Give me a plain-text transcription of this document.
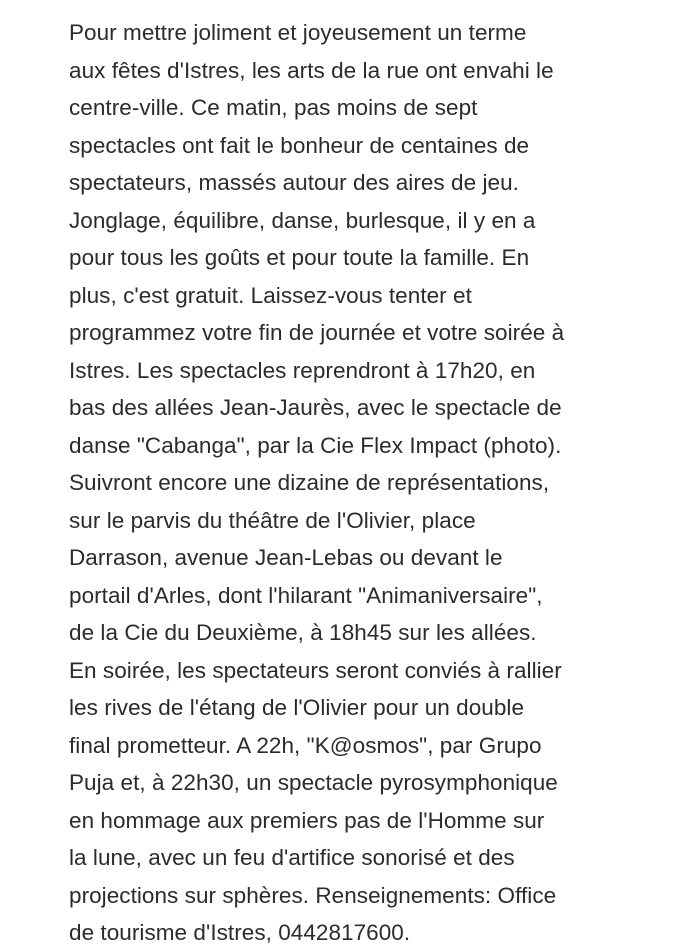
Pour mettre joliment et joyeusement un terme
aux fêtes d'Istres, les arts de la rue ont envahi le
centre-ville. Ce matin, pas moins de sept
spectacles ont fait le bonheur de centaines de
spectateurs, massés autour des aires de jeu.
Jonglage, équilibre, danse, burlesque, il y en a
pour tous les goûts et pour toute la famille. En
plus, c'est gratuit. Laissez-vous tenter et
programmez votre fin de journée et votre soirée à
Istres. Les spectacles reprendront à 17h20, en
bas des allées Jean-Jaurès, avec le spectacle de
danse "Cabanga", par la Cie Flex Impact (photo).
Suivront encore une dizaine de représentations,
sur le parvis du théâtre de l'Olivier, place
Darrason, avenue Jean-Lebas ou devant le
portail d'Arles, dont l'hilarant "Animaniversaire",
de la Cie du Deuxième, à 18h45 sur les allées.
En soirée, les spectateurs seront conviés à rallier
les rives de l'étang de l'Olivier pour un double
final prometteur. A 22h, "K@osmos", par Grupo
Puja et, à 22h30, un spectacle pyrosymphonique
en hommage aux premiers pas de l'Homme sur
la lune, avec un feu d'artifice sonorisé et des
projections sur sphères. Renseignements: Office
de tourisme d'Istres, 0442817600.
